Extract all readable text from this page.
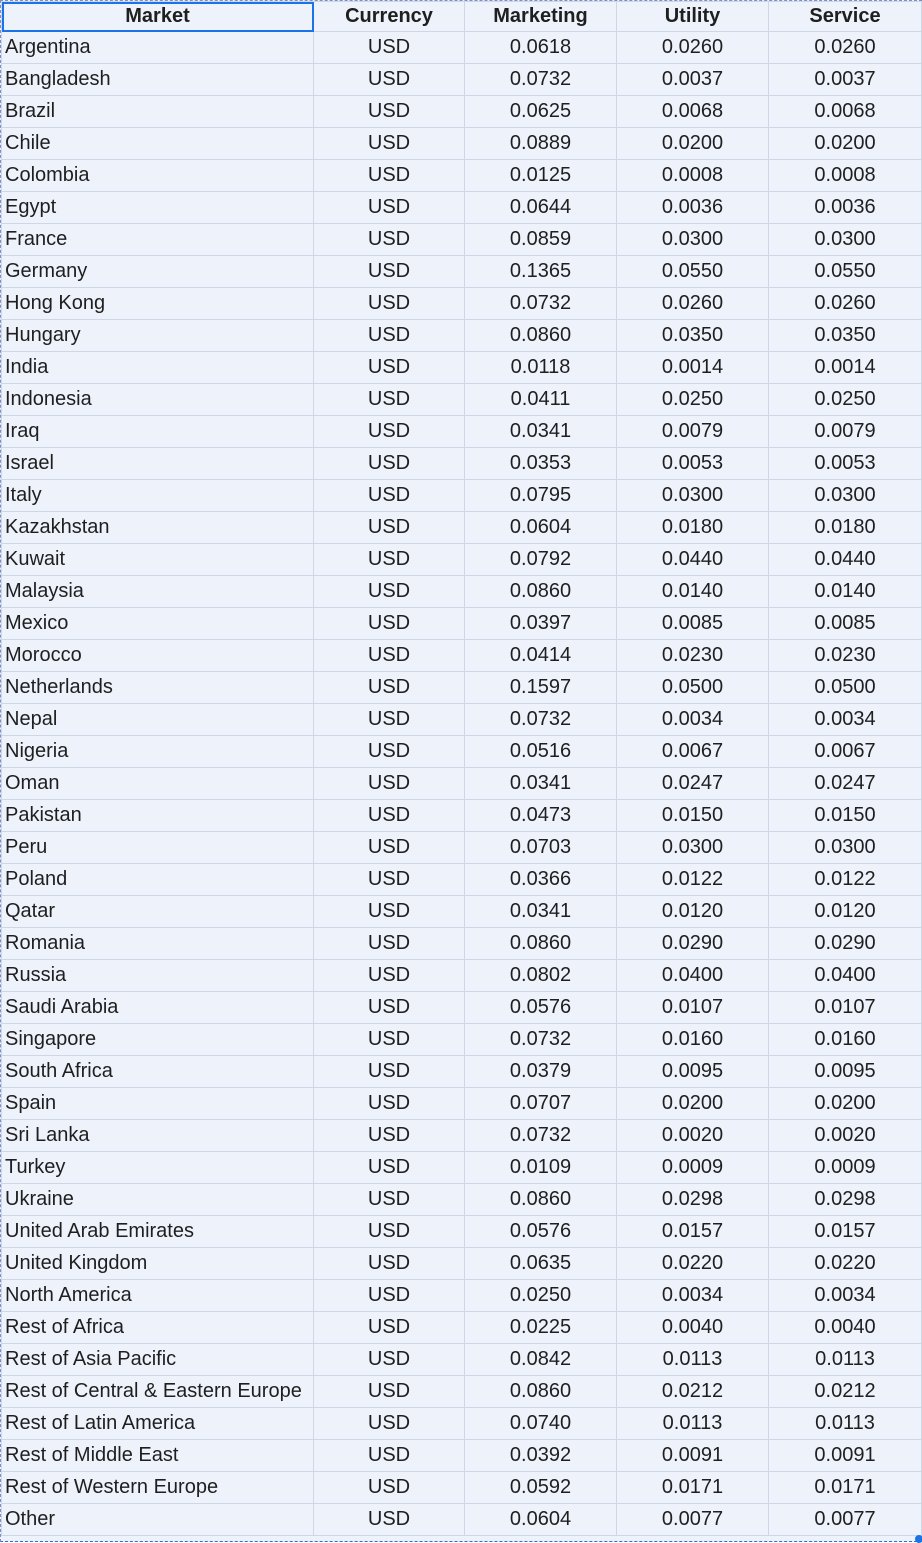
Market	Currency	Marketing	Utility	Service
Argentina	USD	0.0618	0.0260	0.0260
Bangladesh	USD	0.0732	0.0037	0.0037
Brazil	USD	0.0625	0.0068	0.0068
Chile	USD	0.0889	0.0200	0.0200
Colombia	USD	0.0125	0.0008	0.0008
Egypt	USD	0.0644	0.0036	0.0036
France	USD	0.0859	0.0300	0.0300
Germany	USD	0.1365	0.0550	0.0550
Hong Kong	USD	0.0732	0.0260	0.0260
Hungary	USD	0.0860	0.0350	0.0350
India	USD	0.0118	0.0014	0.0014
Indonesia	USD	0.0411	0.0250	0.0250
Iraq	USD	0.0341	0.0079	0.0079
Israel	USD	0.0353	0.0053	0.0053
Italy	USD	0.0795	0.0300	0.0300
Kazakhstan	USD	0.0604	0.0180	0.0180
Kuwait	USD	0.0792	0.0440	0.0440
Malaysia	USD	0.0860	0.0140	0.0140
Mexico	USD	0.0397	0.0085	0.0085
Morocco	USD	0.0414	0.0230	0.0230
Netherlands	USD	0.1597	0.0500	0.0500
Nepal	USD	0.0732	0.0034	0.0034
Nigeria	USD	0.0516	0.0067	0.0067
Oman	USD	0.0341	0.0247	0.0247
Pakistan	USD	0.0473	0.0150	0.0150
Peru	USD	0.0703	0.0300	0.0300
Poland	USD	0.0366	0.0122	0.0122
Qatar	USD	0.0341	0.0120	0.0120
Romania	USD	0.0860	0.0290	0.0290
Russia	USD	0.0802	0.0400	0.0400
Saudi Arabia	USD	0.0576	0.0107	0.0107
Singapore	USD	0.0732	0.0160	0.0160
South Africa	USD	0.0379	0.0095	0.0095
Spain	USD	0.0707	0.0200	0.0200
Sri Lanka	USD	0.0732	0.0020	0.0020
Turkey	USD	0.0109	0.0009	0.0009
Ukraine	USD	0.0860	0.0298	0.0298
United Arab Emirates	USD	0.0576	0.0157	0.0157
United Kingdom	USD	0.0635	0.0220	0.0220
North America	USD	0.0250	0.0034	0.0034
Rest of Africa	USD	0.0225	0.0040	0.0040
Rest of Asia Pacific	USD	0.0842	0.0113	0.0113
Rest of Central & Eastern Europe	USD	0.0860	0.0212	0.0212
Rest of Latin America	USD	0.0740	0.0113	0.0113
Rest of Middle East	USD	0.0392	0.0091	0.0091
Rest of Western Europe	USD	0.0592	0.0171	0.0171
Other	USD	0.0604	0.0077	0.0077
